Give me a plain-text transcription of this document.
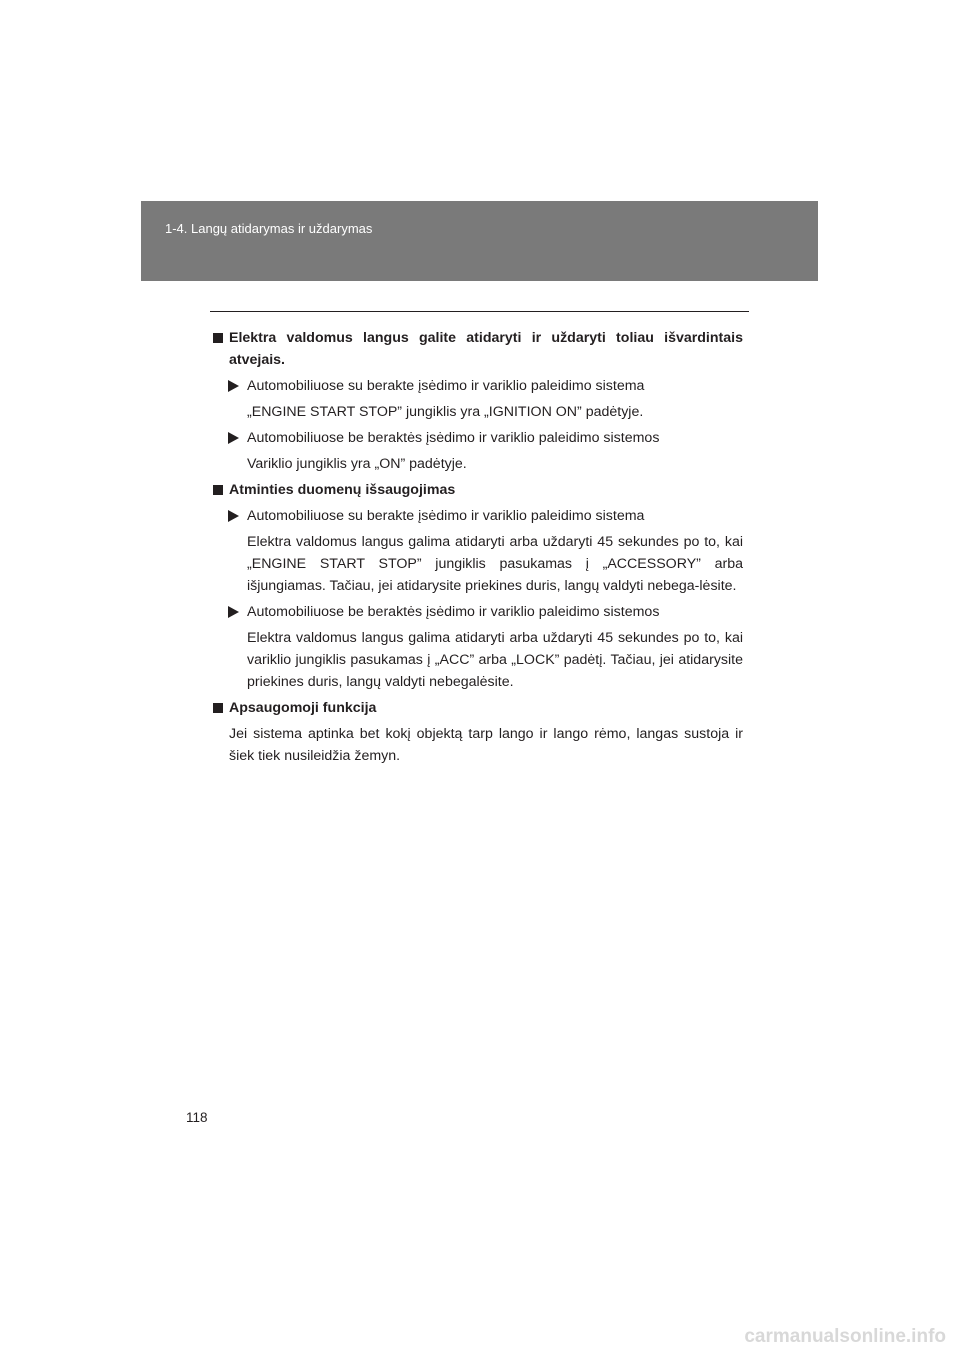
1-4. Langų atidarymas ir uždarymas
Elektra valdomus langus galite atidaryti ir uždaryti toliau išvardintais atvejais.
Automobiliuose su berakte įsėdimo ir variklio paleidimo sistema
„ENGINE START STOP” jungiklis yra „IGNITION ON” padėtyje.
Automobiliuose be beraktės įsėdimo ir variklio paleidimo sistemos
Variklio jungiklis yra „ON” padėtyje.
Atminties duomenų išsaugojimas
Automobiliuose su berakte įsėdimo ir variklio paleidimo sistema
Elektra valdomus langus galima atidaryti arba uždaryti 45 sekundes po to, kai „ENGINE START STOP” jungiklis pasukamas į „ACCESSORY” arba išjungiamas. Tačiau, jei atidarysite priekines duris, langų valdyti nebega-lėsite.
Automobiliuose be beraktės įsėdimo ir variklio paleidimo sistemos
Elektra valdomus langus galima atidaryti arba uždaryti 45 sekundes po to, kai variklio jungiklis pasukamas į „ACC” arba „LOCK” padėtį. Tačiau, jei atidarysite priekines duris, langų valdyti nebegalėsite.
Apsaugomoji funkcija
Jei sistema aptinka bet kokį objektą tarp lango ir lango rėmo, langas sustoja ir šiek tiek nusileidžia žemyn.
118
carmanualsonline.info
